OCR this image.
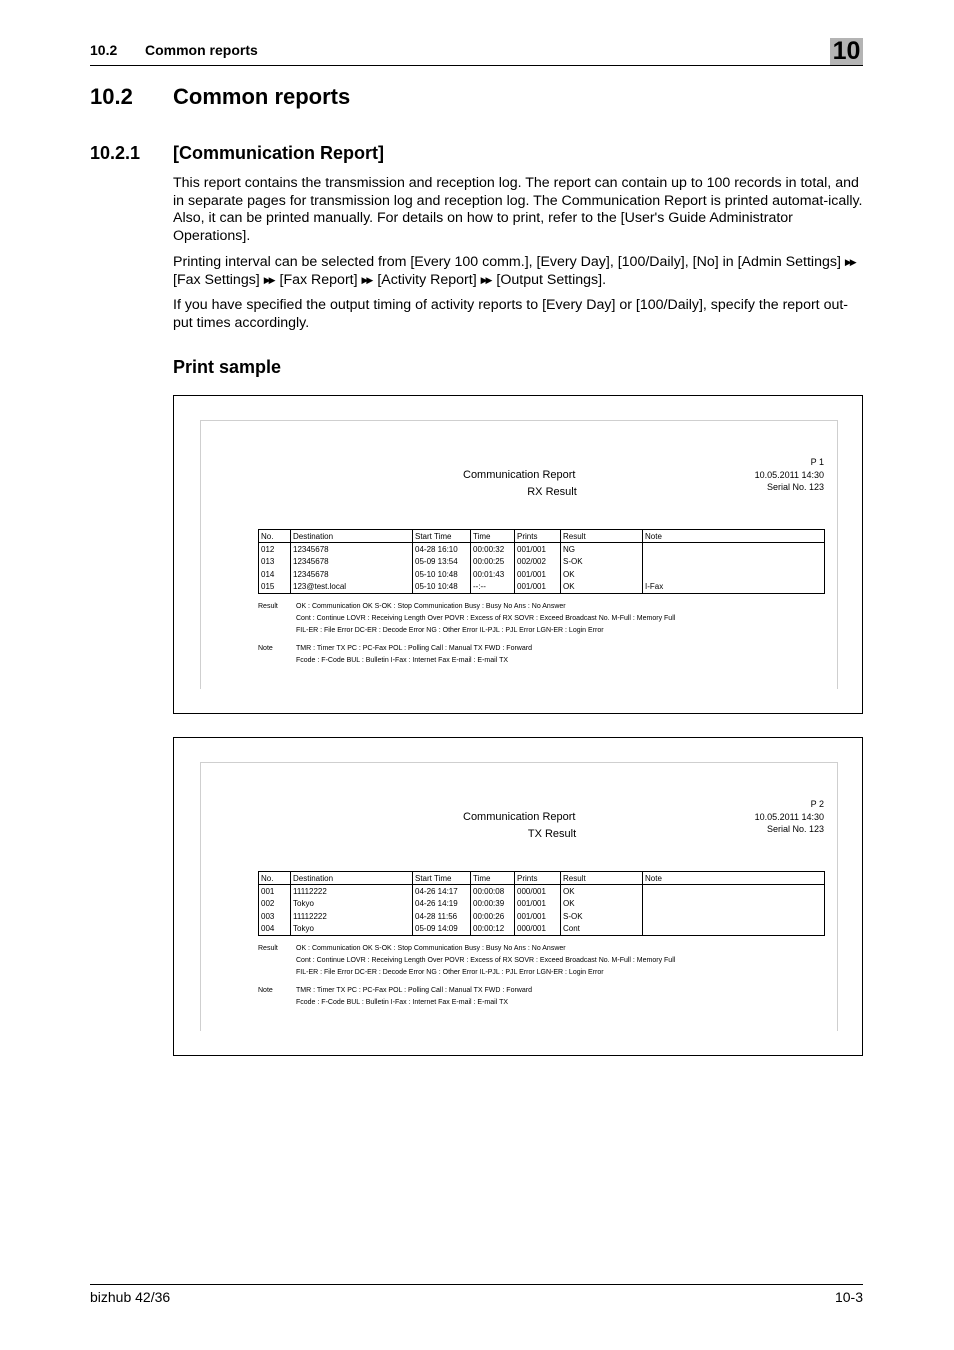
10.2 Common reports	10
10.2 Common reports
10.2.1 [Communication Report]

This report contains the transmission and reception log. The report can contain up to 100 records in total, and in separate pages for transmission log and reception log. The Communication Report is printed automat-ically. Also, it can be printed manually. For details on how to print, refer to the [User's Guide Administrator Operations].

Printing interval can be selected from [Every 100 comm.], [Every Day], [100/Daily], [No] in [Admin Settings] ▶▶
[Fax Settings] ▶▶ [Fax Report] ▶▶ [Activity Report] ▶▶ [Output Settings].

If you have specified the output timing of activity reports to [Every Day] or [100/Daily], specify the report out-put times accordingly.

Print sample
P 1
10.05.2011 14:30
Serial No. 123
Communication Report
RX Result
No.	Destination	Start Time	Time	Prints	Result	Note
012	12345678	04-28 16:10	00:00:32	001/001	NG	
013	12345678	05-09 13:54	00:00:25	002/002	S-OK	
014	12345678	05-10 10:48	00:01:43	001/001	OK	
015	123@test.local	05-10 10:48	--:--	001/001	OK	I-Fax
Result	OK : Communication OK S-OK : Stop Communication Busy : Busy No Ans : No Answer
Cont : Continue LOVR : Receiving Length Over POVR : Excess of RX SOVR : Exceed Broadcast No. M-Full : Memory Full
FIL-ER : File Error DC-ER : Decode Error NG : Other Error IL-PJL : PJL Error LGN-ER : Login Error
Note	TMR : Timer TX PC : PC-Fax POL : Polling Call : Manual TX FWD : Forward
Fcode : F-Code BUL : Bulletin I-Fax : Internet Fax E-mail : E-mail TX
P 2
10.05.2011 14:30
Serial No. 123
Communication Report
TX Result
No.	Destination	Start Time	Time	Prints	Result	Note
001	11112222	04-26 14:17	00:00:08	000/001	OK	
002	Tokyo	04-26 14:19	00:00:39	001/001	OK	
003	11112222	04-28 11:56	00:00:26	001/001	S-OK	
004	Tokyo	05-09 14:09	00:00:12	000/001	Cont	
Result	OK : Communication OK S-OK : Stop Communication Busy : Busy No Ans : No Answer
Cont : Continue LOVR : Receiving Length Over POVR : Excess of RX SOVR : Exceed Broadcast No. M-Full : Memory Full
FIL-ER : File Error DC-ER : Decode Error NG : Other Error IL-PJL : PJL Error LGN-ER : Login Error
Note	TMR : Timer TX PC : PC-Fax POL : Polling Call : Manual TX FWD : Forward
Fcode : F-Code BUL : Bulletin I-Fax : Internet Fax E-mail : E-mail TX
bizhub 42/36	10-3
